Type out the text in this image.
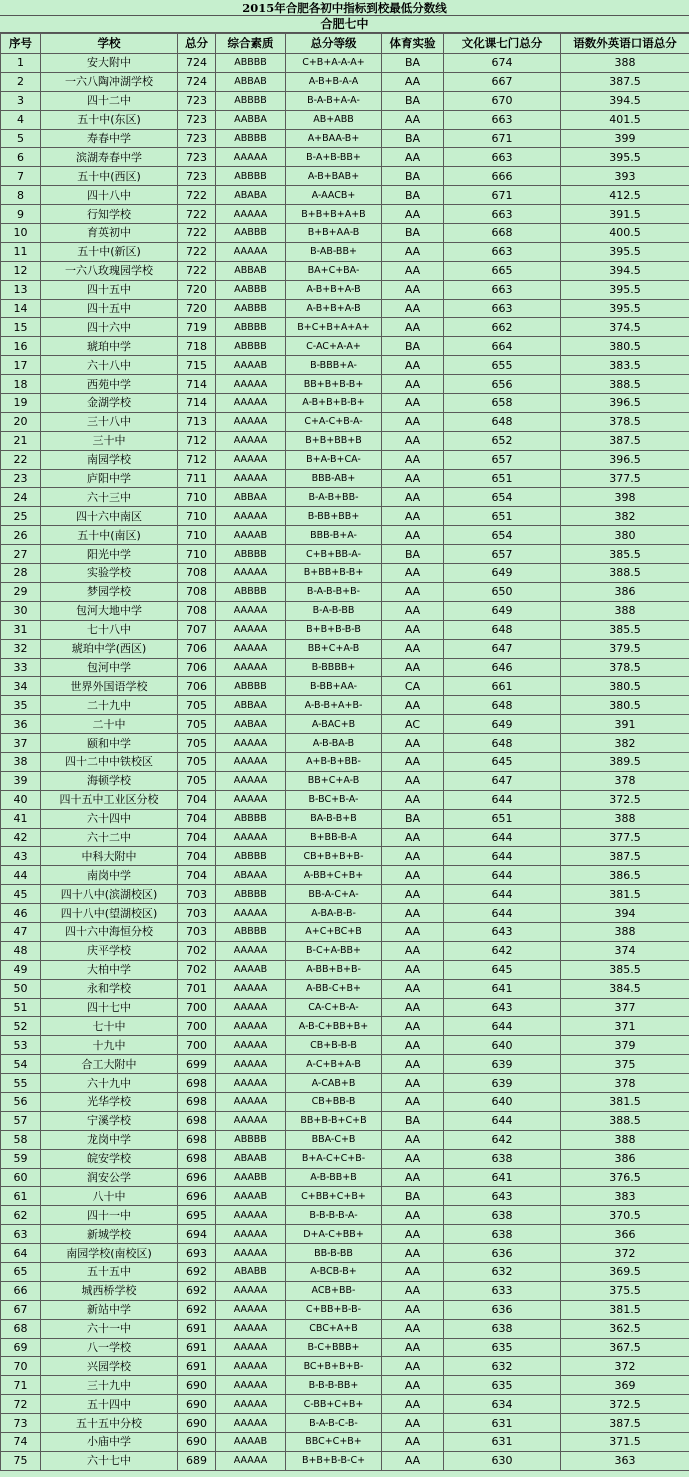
2015年合肥各初中指标到校最低分数线
合肥七中
序号	学校	总分	综合素质	总分等级	体育实验	文化课七门总分	语数外英语口语总分
1	安大附中	724	ABBBB	C+B+A-A-A+	BA	674	388
2	一六八陶冲湖学校	724	ABBAB	A-B+B-A-A	AA	667	387.5
3	四十二中	723	ABBBB	B-A-B+A-A-	BA	670	394.5
4	五十中(东区)	723	AABBA	AB+ABB	AA	663	401.5
5	寿春中学	723	ABBBB	A+BAA-B+	BA	671	399
6	滨湖寿春中学	723	AAAAA	B-A+B-BB+	AA	663	395.5
7	五十中(西区)	723	ABBBB	A-B+BAB+	BA	666	393
8	四十八中	722	ABABA	A-AACB+	BA	671	412.5
9	行知学校	722	AAAAA	B+B+B+A+B	AA	663	391.5
10	育英初中	722	AABBB	B+B+AA-B	BA	668	400.5
11	五十中(新区)	722	AAAAA	B-AB-BB+	AA	663	395.5
12	一六八玫瑰园学校	722	ABBAB	BA+C+BA-	AA	665	394.5
13	四十五中	720	AABBB	A-B+B+A-B	AA	663	395.5
14	四十五中	720	AABBB	A-B+B+A-B	AA	663	395.5
15	四十六中	719	ABBBB	B+C+B+A+A+	AA	662	374.5
16	琥珀中学	718	ABBBB	C-AC+A-A+	BA	664	380.5
17	六十八中	715	AAAAB	B-BBB+A-	AA	655	383.5
18	西苑中学	714	AAAAA	BB+B+B-B+	AA	656	388.5
19	金湖学校	714	AAAAA	A-B+B+B-B+	AA	658	396.5
20	三十八中	713	AAAAA	C+A-C+B-A-	AA	648	378.5
21	三十中	712	AAAAA	B+B+BB+B	AA	652	387.5
22	南园学校	712	AAAAA	B+A-B+CA-	AA	657	396.5
23	庐阳中学	711	AAAAA	BBB-AB+	AA	651	377.5
24	六十三中	710	ABBAA	B-A-B+BB-	AA	654	398
25	四十六中南区	710	AAAAA	B-BB+BB+	AA	651	382
26	五十中(南区)	710	AAAAB	BBB-B+A-	AA	654	380
27	阳光中学	710	ABBBB	C+B+BB-A-	BA	657	385.5
28	实验学校	708	AAAAA	B+BB+B-B+	AA	649	388.5
29	梦园学校	708	ABBBB	B-A-B-B+B-	AA	650	386
30	包河大地中学	708	AAAAA	B-A-B-BB	AA	649	388
31	七十八中	707	AAAAA	B+B+B-B-B	AA	648	385.5
32	琥珀中学(西区)	706	AAAAA	BB+C+A-B	AA	647	379.5
33	包河中学	706	AAAAA	B-BBBB+	AA	646	378.5
34	世界外国语学校	706	ABBBB	B-BB+AA-	CA	661	380.5
35	二十九中	705	ABBAA	A-B-B+A+B-	AA	648	380.5
36	二十中	705	AABAA	A-BAC+B	AC	649	391
37	颐和中学	705	AAAAA	A-B-BA-B	AA	648	382
38	四十二中中铁校区	705	AAAAA	A+B-B+BB-	AA	645	389.5
39	海顿学校	705	AAAAA	BB+C+A-B	AA	647	378
40	四十五中工业区分校	704	AAAAA	B-BC+B-A-	AA	644	372.5
41	六十四中	704	ABBBB	BA-B-B+B	BA	651	388
42	六十二中	704	AAAAA	B+BB-B-A	AA	644	377.5
43	中科大附中	704	ABBBB	CB+B+B+B-	AA	644	387.5
44	南岗中学	704	ABAAA	A-BB+C+B+	AA	644	386.5
45	四十八中(滨湖校区)	703	ABBBB	BB-A-C+A-	AA	644	381.5
46	四十八中(望湖校区)	703	AAAAA	A-BA-B-B-	AA	644	394
47	四十六中海恒分校	703	ABBBB	A+C+BC+B	AA	643	388
48	庆平学校	702	AAAAA	B-C+A-BB+	AA	642	374
49	大柏中学	702	AAAAB	A-BB+B+B-	AA	645	385.5
50	永和学校	701	AAAAA	A-BB-C+B+	AA	641	384.5
51	四十七中	700	AAAAA	CA-C+B-A-	AA	643	377
52	七十中	700	AAAAA	A-B-C+BB+B+	AA	644	371
53	十九中	700	AAAAA	CB+B-B-B	AA	640	379
54	合工大附中	699	AAAAA	A-C+B+A-B	AA	639	375
55	六十九中	698	AAAAA	A-CAB+B	AA	639	378
56	光华学校	698	AAAAA	CB+BB-B	AA	640	381.5
57	宁溪学校	698	AAAAA	BB+B-B+C+B	BA	644	388.5
58	龙岗中学	698	ABBBB	BBA-C+B	AA	642	388
59	皖安学校	698	ABAAB	B+A-C+C+B-	AA	638	386
60	润安公学	696	AAABB	A-B-BB+B	AA	641	376.5
61	八十中	696	AAAAB	C+BB+C+B+	BA	643	383
62	四十一中	695	AAAAA	B-B-B-B-A-	AA	638	370.5
63	新城学校	694	AAAAA	D+A-C+BB+	AA	638	366
64	南园学校(南校区)	693	AAAAA	BB-B-BB	AA	636	372
65	五十五中	692	ABABB	A-BCB-B+	AA	632	369.5
66	城西桥学校	692	AAAAA	ACB+BB-	AA	633	375.5
67	新站中学	692	AAAAA	C+BB+B-B-	AA	636	381.5
68	六十一中	691	AAAAA	CBC+A+B	AA	638	362.5
69	八一学校	691	AAAAA	B-C+BBB+	AA	635	367.5
70	兴园学校	691	AAAAA	BC+B+B+B-	AA	632	372
71	三十九中	690	AAAAA	B-B-B-BB+	AA	635	369
72	五十四中	690	AAAAA	C-BB+C+B+	AA	634	372.5
73	五十五中分校	690	AAAAA	B-A-B-C-B-	AA	631	387.5
74	小庙中学	690	AAAAB	BBC+C+B+	AA	631	371.5
75	六十七中	689	AAAAA	B+B+B-B-C+	AA	630	363
